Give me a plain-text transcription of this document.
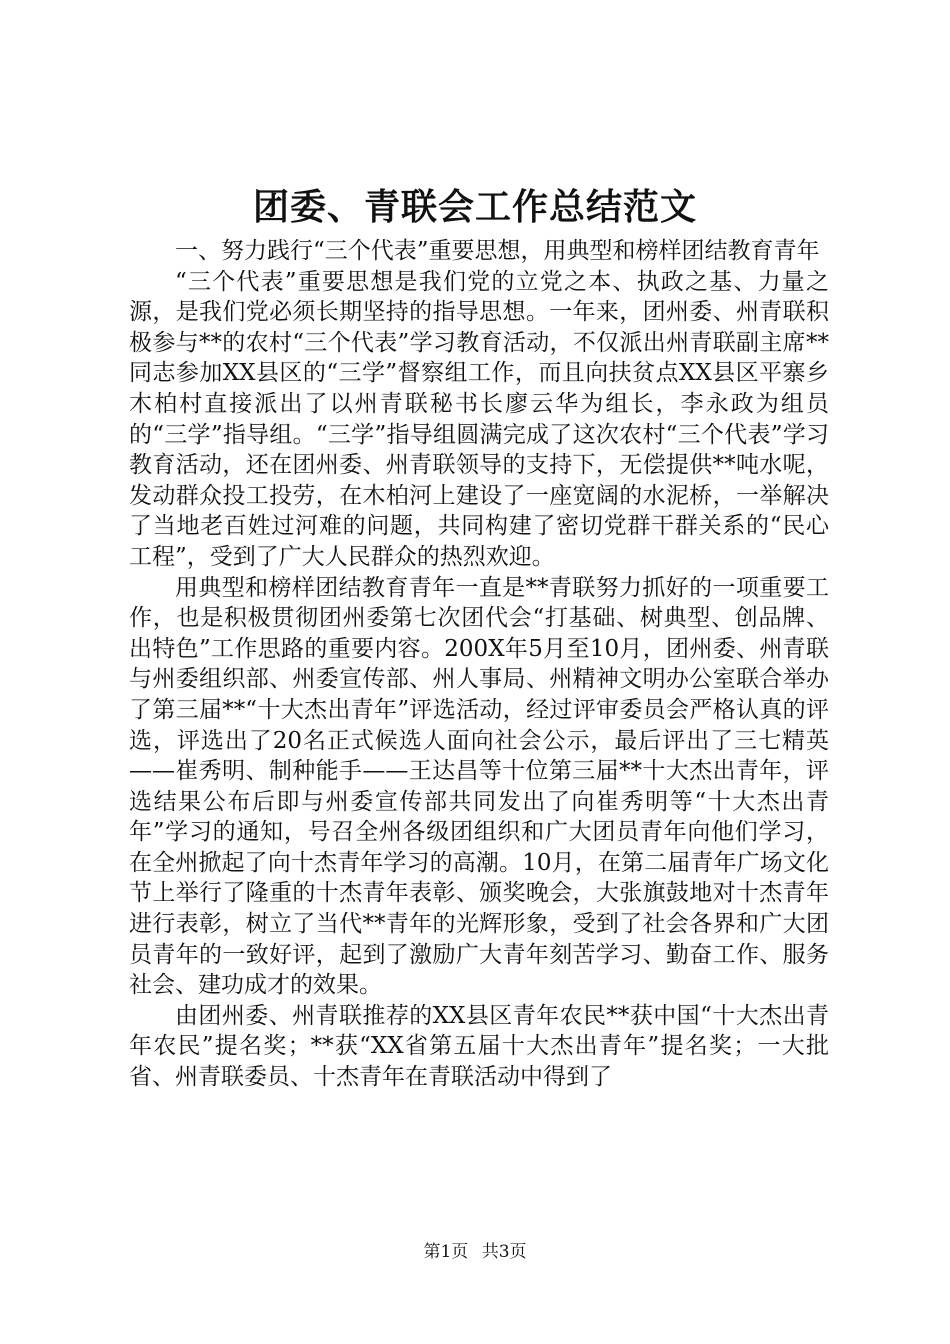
团委、青联会工作总结范文

一、努力践行“三个代表”重要思想，用典型和榜样团结教育青年

“三个代表”重要思想是我们党的立党之本、执政之基、力量之源，是我们党必须长期坚持的指导思想。一年来，团州委、州青联积极参与**的农村“三个代表”学习教育活动，不仅派出州青联副主席**同志参加XX县区的“三学”督察组工作，而且向扶贫点XX县区平寨乡木柏村直接派出了以州青联秘书长廖云华为组长，李永政为组员的“三学”指导组。“三学”指导组圆满完成了这次农村“三个代表”学习教育活动，还在团州委、州青联领导的支持下，无偿提供**吨水呢，发动群众投工投劳，在木柏河上建设了一座宽阔的水泥桥，一举解决了当地老百姓过河难的问题，共同构建了密切党群干群关系的“民心工程”，受到了广大人民群众的热烈欢迎。

用典型和榜样团结教育青年一直是**青联努力抓好的一项重要工作，也是积极贯彻团州委第七次团代会“打基础、树典型、创品牌、出特色”工作思路的重要内容。200X年5月至10月，团州委、州青联与州委组织部、州委宣传部、州人事局、州精神文明办公室联合举办了第三届**“十大杰出青年”评选活动，经过评审委员会严格认真的评选，评选出了20名正式候选人面向社会公示，最后评出了三七精英——崔秀明、制种能手——王达昌等十位第三届**十大杰出青年，评选结果公布后即与州委宣传部共同发出了向崔秀明等“十大杰出青年”学习的通知，号召全州各级团组织和广大团员青年向他们学习，在全州掀起了向十杰青年学习的高潮。10月，在第二届青年广场文化节上举行了隆重的十杰青年表彰、颁奖晚会，大张旗鼓地对十杰青年进行表彰，树立了当代**青年的光辉形象，受到了社会各界和广大团员青年的一致好评，起到了激励广大青年刻苦学习、勤奋工作、服务社会、建功成才的效果。

由团州委、州青联推荐的XX县区青年农民**获中国“十大杰出青年农民”提名奖；**获“XX省第五届十大杰出青年”提名奖；一大批省、州青联委员、十杰青年在青联活动中得到了

第1页 共3页
